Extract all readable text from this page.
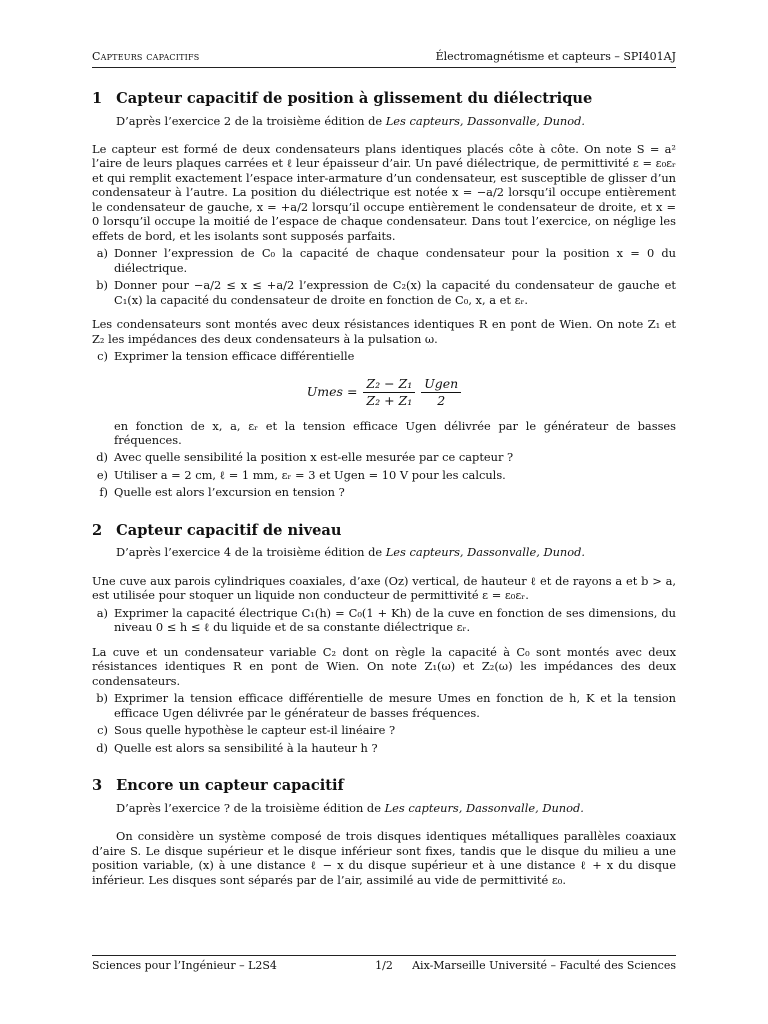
Capteurs capacitifs	Électromagnétisme et capteurs – SPI401AJ
1 Capteur capacitif de position à glissement du diélectrique
D’après l’exercice 2 de la troisième édition de Les capteurs, Dassonvalle, Dunod.

Le capteur est formé de deux condensateurs plans identiques placés côte à côte. On note S = a² l’aire de leurs plaques carrées et ℓ leur épaisseur d’air. Un pavé diélectrique, de permittivité ε = ε₀εᵣ et qui remplit exactement l’espace inter-armature d’un condensateur, est susceptible de glisser d’un condensateur à l’autre. La position du diélectrique est notée x = −a/2 lorsqu’il occupe entièrement le condensateur de gauche, x = +a/2 lorsqu’il occupe entièrement le condensateur de droite, et x = 0 lorsqu’il occupe la moitié de l’espace de chaque condensateur. Dans tout l’exercice, on néglige les effets de bord, et les isolants sont supposés parfaits.

a) Donner l’expression de C₀ la capacité de chaque condensateur pour la position x = 0 du diélectrique.
b) Donner pour −a/2 ≤ x ≤ +a/2 l’expression de C₂(x) la capacité du condensateur de gauche et C₁(x) la capacité du condensateur de droite en fonction de C₀, x, a et εᵣ.

Les condensateurs sont montés avec deux résistances identiques R en pont de Wien. On note Z₁ et Z₂ les impédances des deux condensateurs à la pulsation ω.

c) Exprimer la tension efficace différentielle
Umes = $\frac{\text{Z₂ − Z₁}}{\text{Z₂ + Z₁}} \frac{\text{Ugen}}{2}$

en fonction de x, a, εᵣ et la tension efficace Ugen délivrée par le générateur de basses fréquences.

d) Avec quelle sensibilité la position x est-elle mesurée par ce capteur ?
e) Utiliser a = 2 cm, ℓ = 1 mm, εᵣ = 3 et Ugen = 10 V pour les calculs.
f) Quelle est alors l’excursion en tension ?
2 Capteur capacitif de niveau
D’après l’exercice 4 de la troisième édition de Les capteurs, Dassonvalle, Dunod.

Une cuve aux parois cylindriques coaxiales, d’axe (Oz) vertical, de hauteur ℓ et de rayons a et b > a, est utilisée pour stoquer un liquide non conducteur de permittivité ε = ε₀εᵣ.

a) Exprimer la capacité électrique C₁(h) = C₀(1 + Kh) de la cuve en fonction de ses dimensions, du niveau 0 ≤ h ≤ ℓ du liquide et de sa constante diélectrique εᵣ.

La cuve et un condensateur variable C₂ dont on règle la capacité à C₀ sont montés avec deux résistances identiques R en pont de Wien. On note Z₁(ω) et Z₂(ω) les impédances des deux condensateurs.

b) Exprimer la tension efficace différentielle de mesure Umes en fonction de h, K et la tension efficace Ugen délivrée par le générateur de basses fréquences.
c) Sous quelle hypothèse le capteur est-il linéaire ?
d) Quelle est alors sa sensibilité à la hauteur h ?
3 Encore un capteur capacitif
D’après l’exercice ? de la troisième édition de Les capteurs, Dassonvalle, Dunod.

On considère un système composé de trois disques identiques métalliques parallèles coaxiaux d’aire S. Le disque supérieur et le disque inférieur sont fixes, tandis que le disque du milieu a une position variable, (x) à une distance ℓ − x du disque supérieur et à une distance ℓ + x du disque inférieur. Les disques sont séparés par de l’air, assimilé au vide de permittivité ε₀.

Sciences pour l’Ingénieur – L2S4	1/2 Aix-Marseille Université – Faculté des Sciences
